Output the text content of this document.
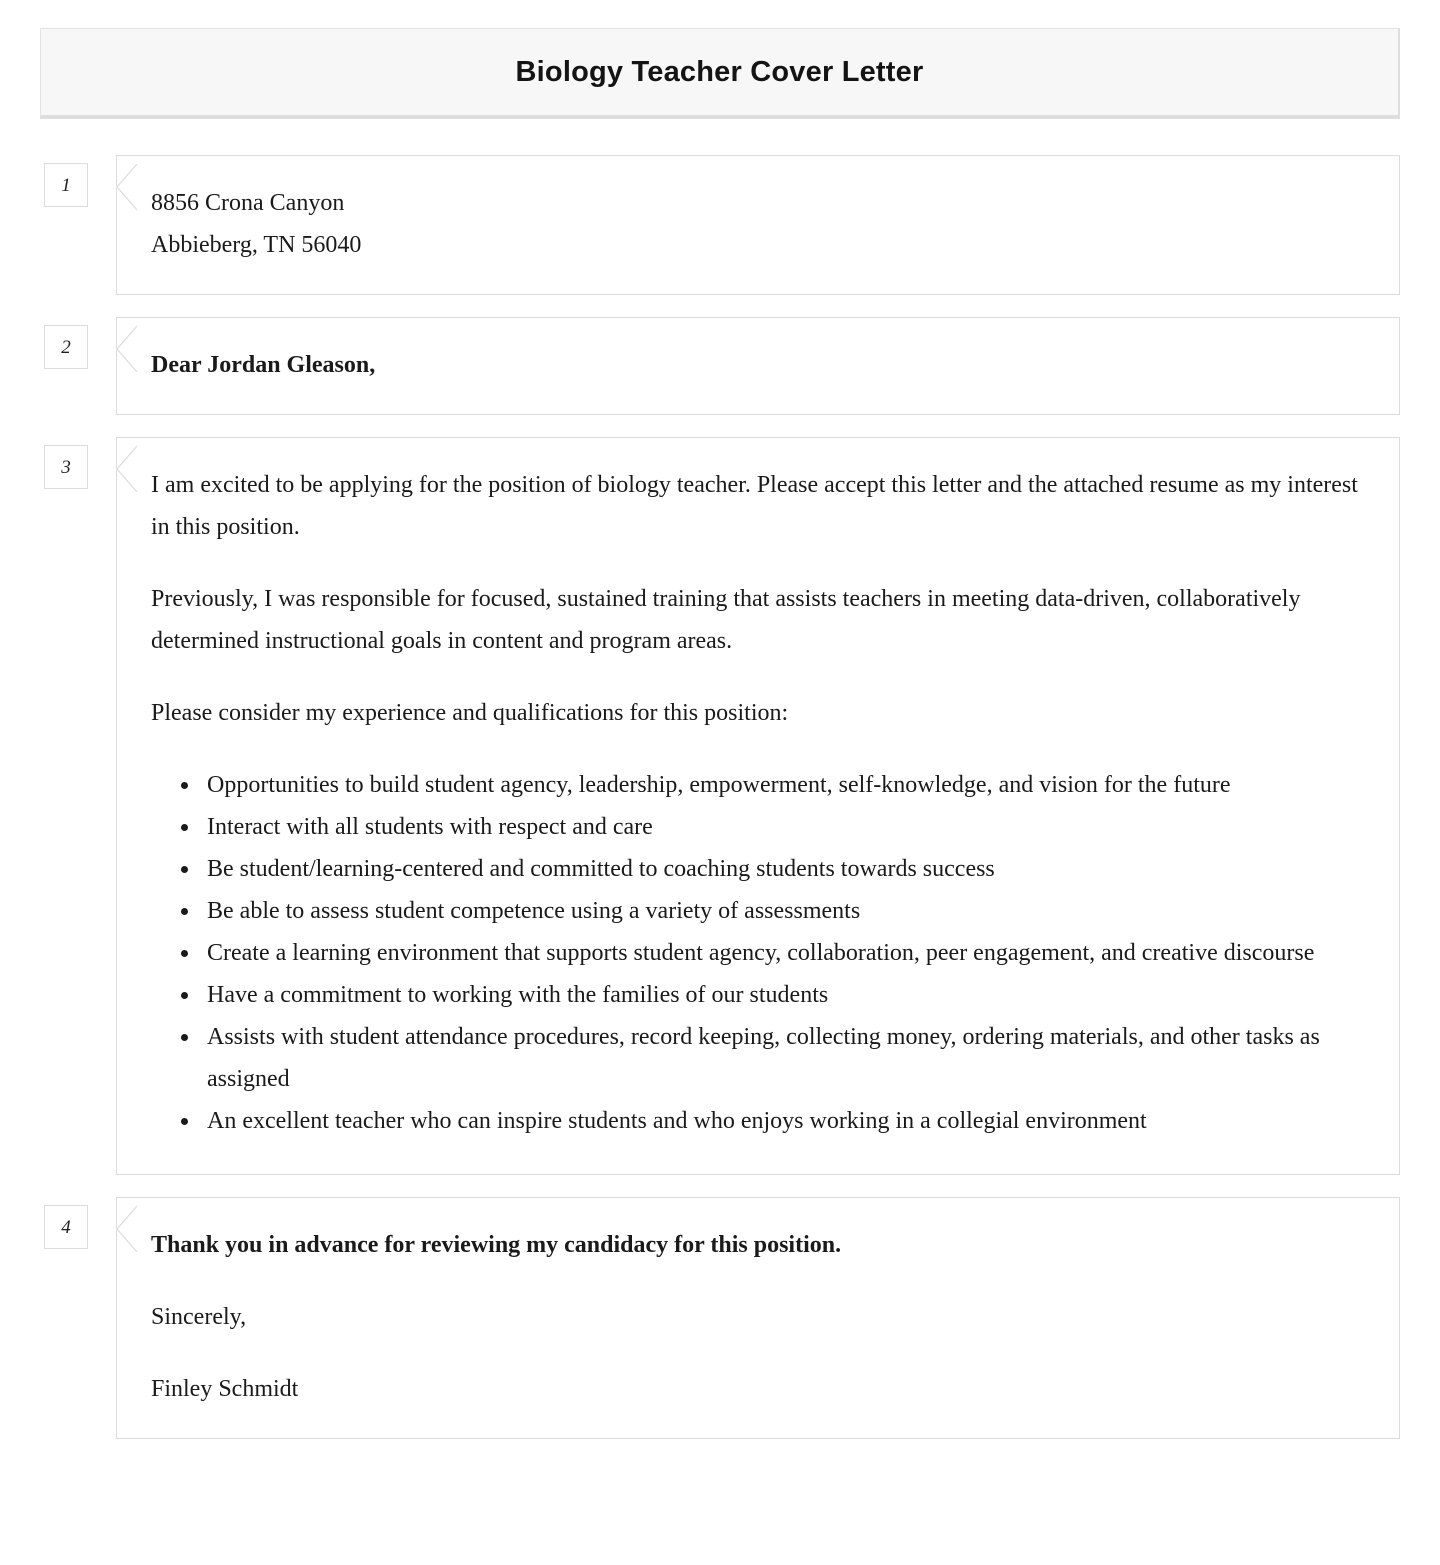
Biology Teacher Cover Letter
1

8856 Crona Canyon

Abbieberg, TN 56040

2

Dear Jordan Gleason,

3

I am excited to be applying for the position of biology teacher. Please accept this letter and the attached resume as my interest in this position.

Previously, I was responsible for focused, sustained training that assists teachers in meeting data-driven, collaboratively determined instructional goals in content and program areas.

Please consider my experience and qualifications for this position:

• Opportunities to build student agency, leadership, empowerment, self-knowledge, and vision for the future
• Interact with all students with respect and care
• Be student/learning-centered and committed to coaching students towards success
• Be able to assess student competence using a variety of assessments
• Create a learning environment that supports student agency, collaboration, peer engagement, and creative discourse
• Have a commitment to working with the families of our students
• Assists with student attendance procedures, record keeping, collecting money, ordering materials, and other tasks as assigned
• An excellent teacher who can inspire students and who enjoys working in a collegial environment
4

Thank you in advance for reviewing my candidacy for this position.

Sincerely,

Finley Schmidt
